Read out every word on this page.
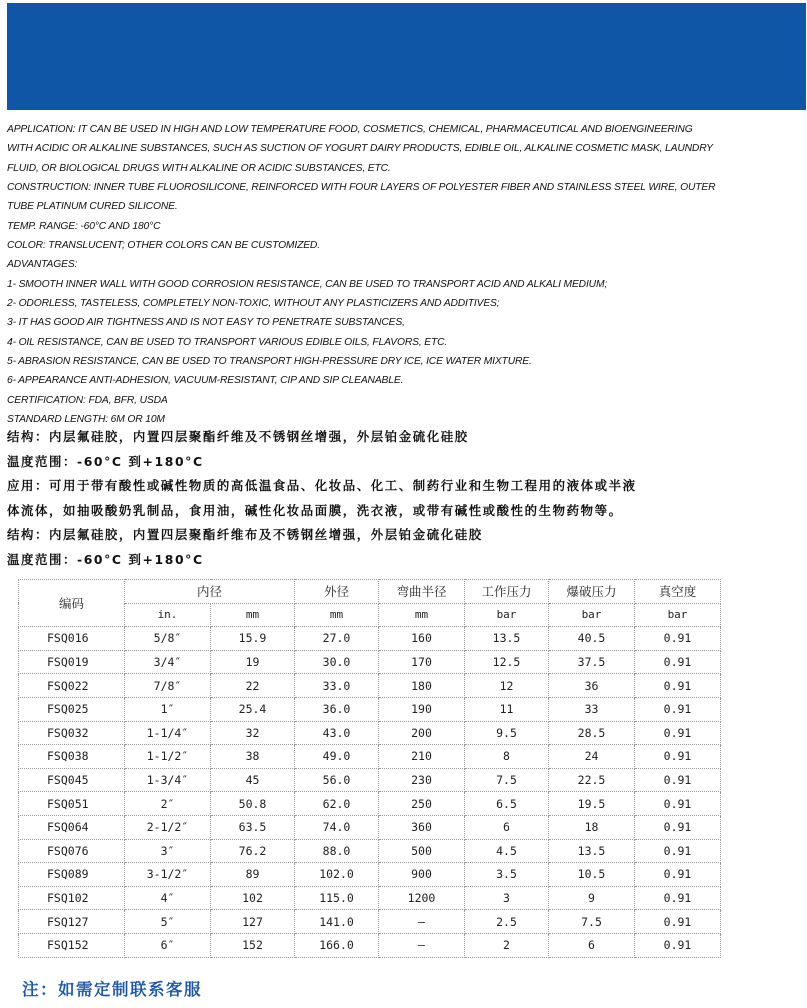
APPLICATION: IT CAN BE USED IN HIGH AND LOW TEMPERATURE FOOD, COSMETICS, CHEMICAL, PHARMACEUTICAL AND BIOENGINEERING

WITH ACIDIC OR ALKALINE SUBSTANCES, SUCH AS SUCTION OF YOGURT DAIRY PRODUCTS, EDIBLE OIL, ALKALINE COSMETIC MASK, LAUNDRY

FLUID, OR BIOLOGICAL DRUGS WITH ALKALINE OR ACIDIC SUBSTANCES, ETC.

CONSTRUCTION: INNER TUBE FLUOROSILICONE, REINFORCED WITH FOUR LAYERS OF POLYESTER FIBER AND STAINLESS STEEL WIRE, OUTER

TUBE PLATINUM CURED SILICONE.

TEMP. RANGE: -60°C AND 180°C

COLOR: TRANSLUCENT; OTHER COLORS CAN BE CUSTOMIZED.

ADVANTAGES:

1- SMOOTH INNER WALL WITH GOOD CORROSION RESISTANCE, CAN BE USED TO TRANSPORT ACID AND ALKALI MEDIUM;

2- ODORLESS, TASTELESS, COMPLETELY NON-TOXIC, WITHOUT ANY PLASTICIZERS AND ADDITIVES;

3- IT HAS GOOD AIR TIGHTNESS AND IS NOT EASY TO PENETRATE SUBSTANCES,

4- OIL RESISTANCE, CAN BE USED TO TRANSPORT VARIOUS EDIBLE OILS, FLAVORS, ETC.

5- ABRASION RESISTANCE, CAN BE USED TO TRANSPORT HIGH-PRESSURE DRY ICE, ICE WATER MIXTURE.

6- APPEARANCE ANTI-ADHESION, VACUUM-RESISTANT, CIP AND SIP CLEANABLE.

CERTIFICATION: FDA, BFR, USDA

STANDARD LENGTH: 6M OR 10M

结构：内层氟硅胶，内置四层聚酯纤维及不锈钢丝增强，外层铂金硫化硅胶

温度范围：-60°C 到+180°C

应用：可用于带有酸性或碱性物质的高低温食品、化妆品、化工、制药行业和生物工程用的液体或半液

体流体，如抽吸酸奶乳制品，食用油，碱性化妆品面膜，洗衣液，或带有碱性或酸性的生物药物等。

结构：内层氟硅胶，内置四层聚酯纤维布及不锈钢丝增强，外层铂金硫化硅胶

温度范围：-60°C 到+180°C

编码	内径		外径	弯曲半径	工作压力	爆破压力	真空度
	in.	mm	mm	mm	bar	bar	bar
FSQ016	5/8″	15.9	27.0	160	13.5	40.5	0.91
FSQ019	3/4″	19	30.0	170	12.5	37.5	0.91
FSQ022	7/8″	22	33.0	180	12	36	0.91
FSQ025	1″	25.4	36.0	190	11	33	0.91
FSQ032	1-1/4″	32	43.0	200	9.5	28.5	0.91
FSQ038	1-1/2″	38	49.0	210	8	24	0.91
FSQ045	1-3/4″	45	56.0	230	7.5	22.5	0.91
FSQ051	2″	50.8	62.0	250	6.5	19.5	0.91
FSQ064	2-1/2″	63.5	74.0	360	6	18	0.91
FSQ076	3″	76.2	88.0	500	4.5	13.5	0.91
FSQ089	3-1/2″	89	102.0	900	3.5	10.5	0.91
FSQ102	4″	102	115.0	1200	3	9	0.91
FSQ127	5″	127	141.0	–	2.5	7.5	0.91
FSQ152	6″	152	166.0	–	2	6	0.91
注：如需定制联系客服
